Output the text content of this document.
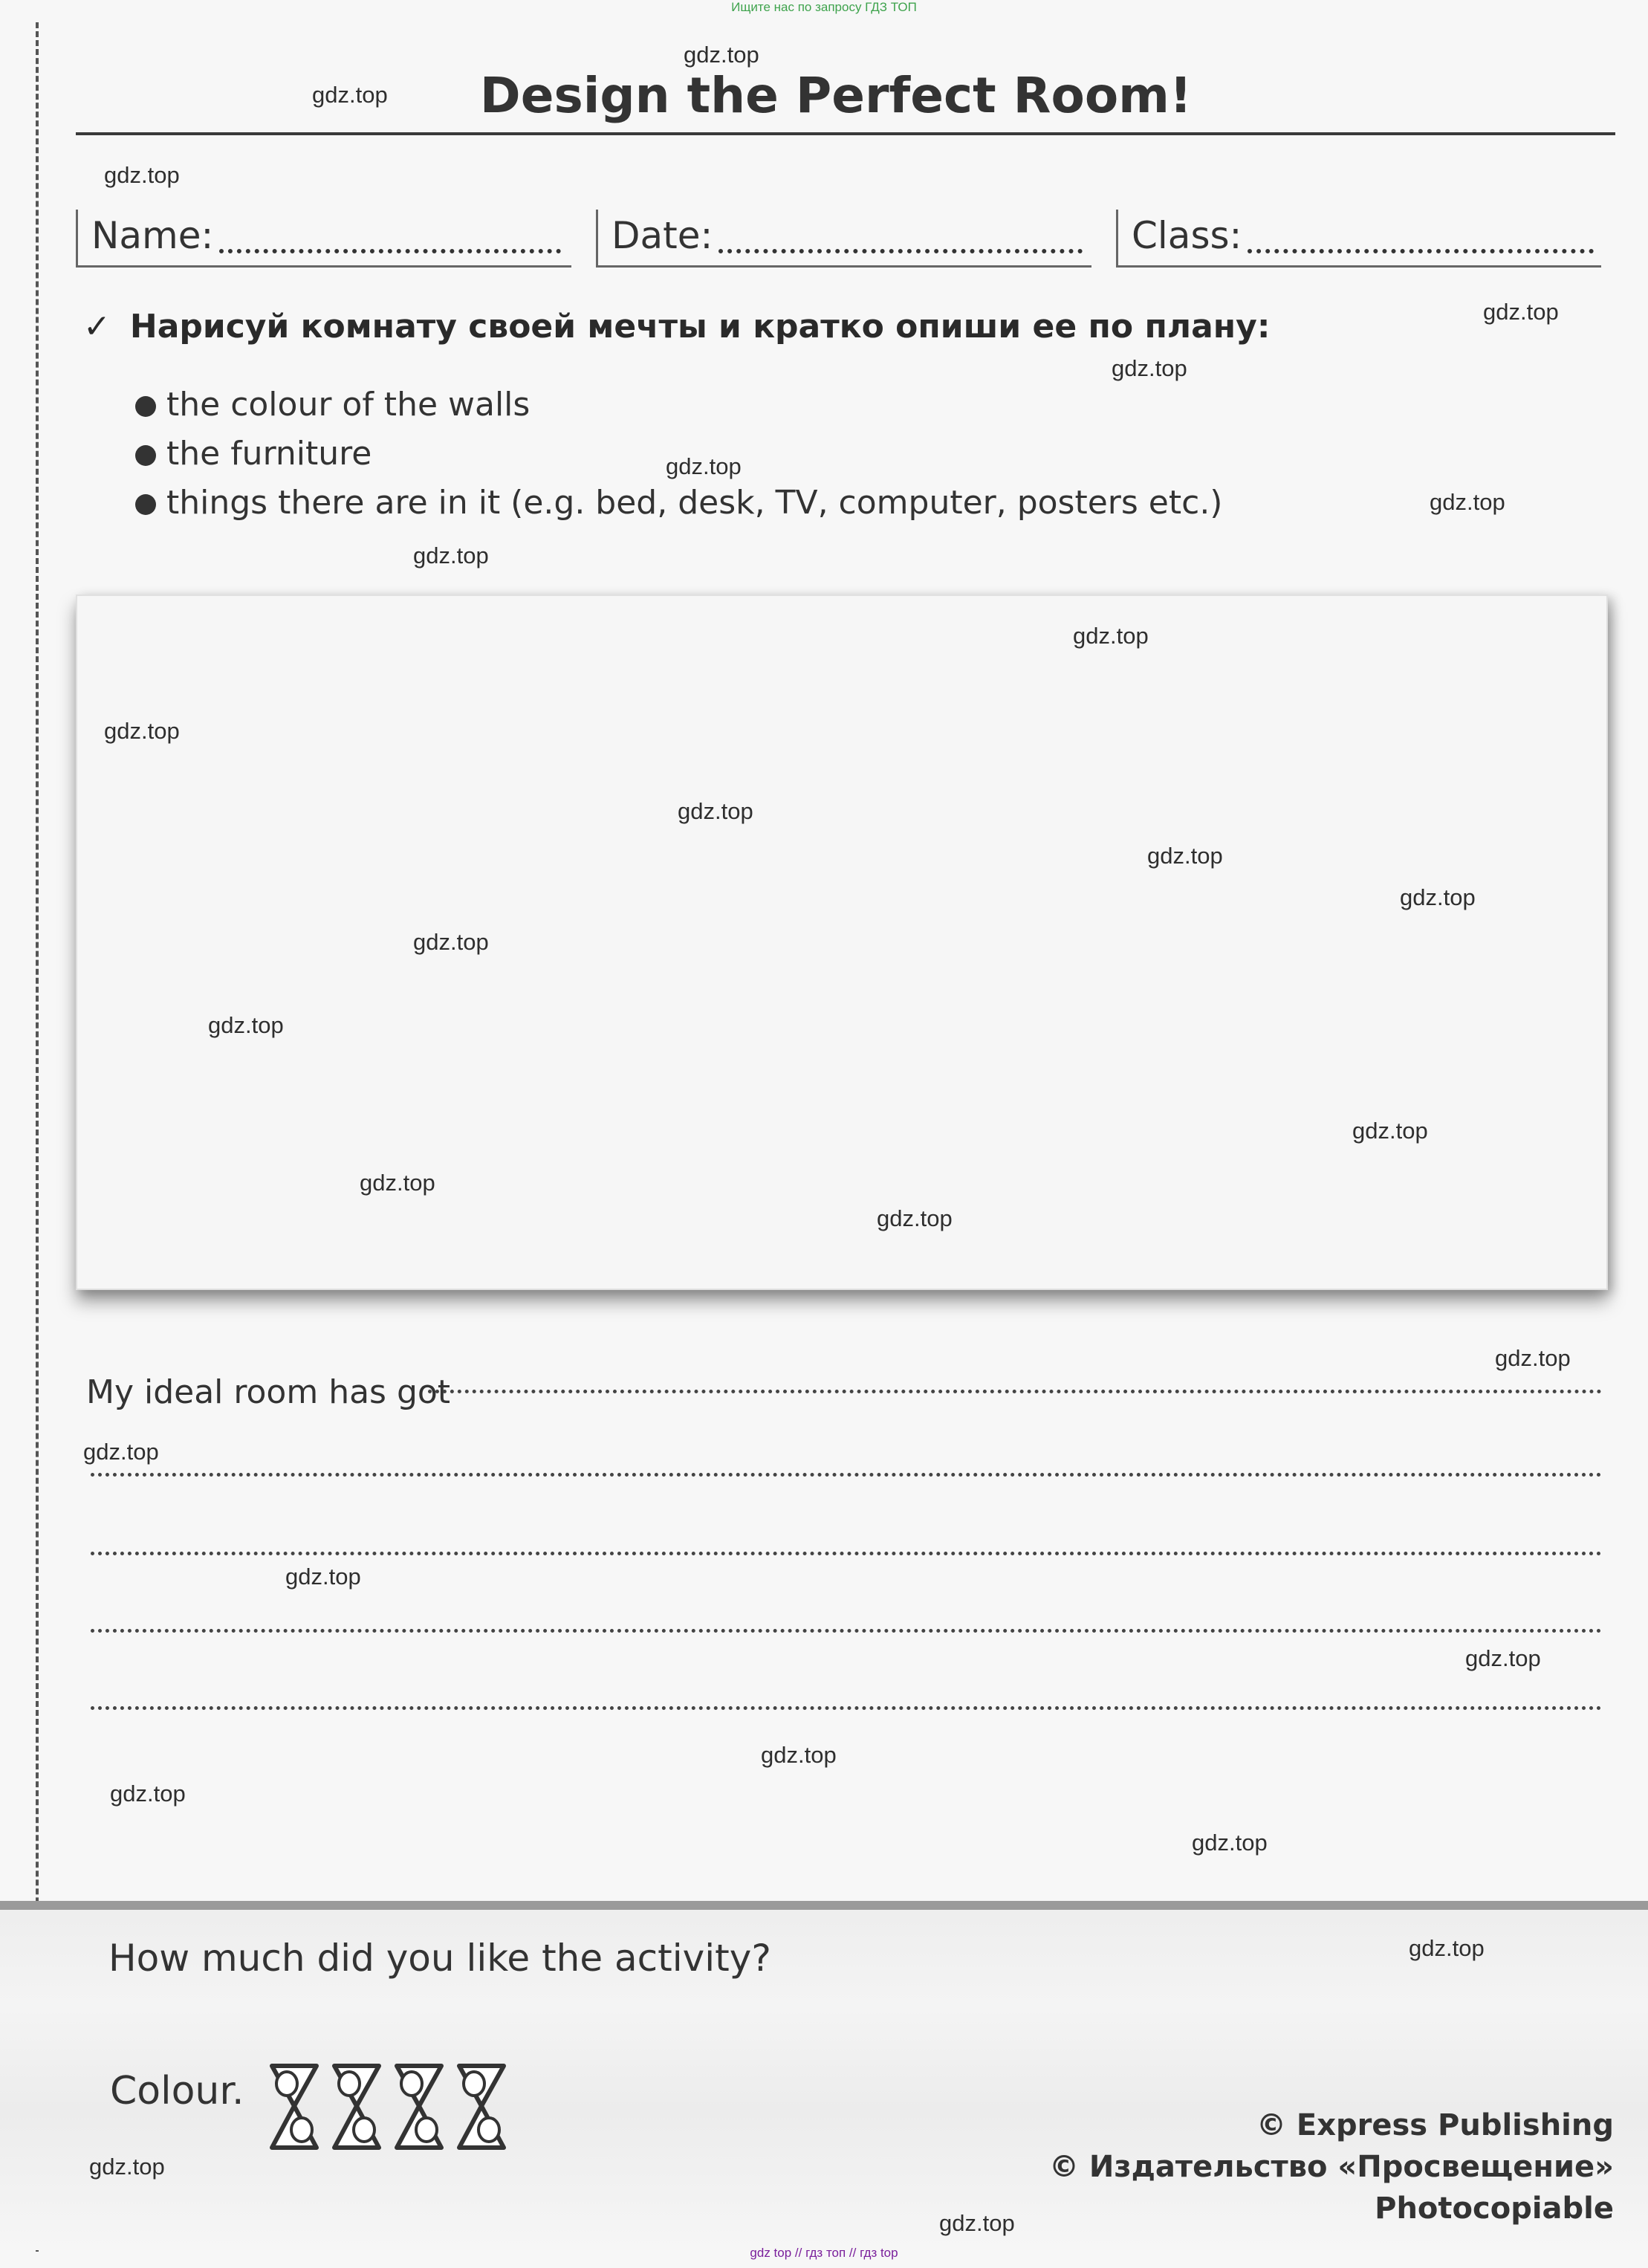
Ищите нас по запросу ГДЗ ТОП
Design the Perfect Room!
Name:	Date:	Class:
✓ Нарисуй комнату своей мечты и кратко опиши ее по плану:
the colour of the walls
the furniture
things there are in it (e.g. bed, desk, TV, computer, posters etc.)
My ideal room has got
How much did you like the activity?
Colour.
© Express Publishing
© Издательство «Просвещение»
Photocopiable
gdz.top
gdz.top
gdz.top
gdz.top
gdz.top
gdz.top
gdz.top
gdz.top
gdz.top
gdz.top
gdz.top
gdz.top
gdz.top
gdz.top
gdz.top
gdz.top
gdz.top
gdz.top
gdz.top
gdz.top
gdz.top
gdz.top
gdz.top
gdz.top
gdz.top
gdz.top
gdz.top
gdz.top
gdz top // гдз топ // гдз top
